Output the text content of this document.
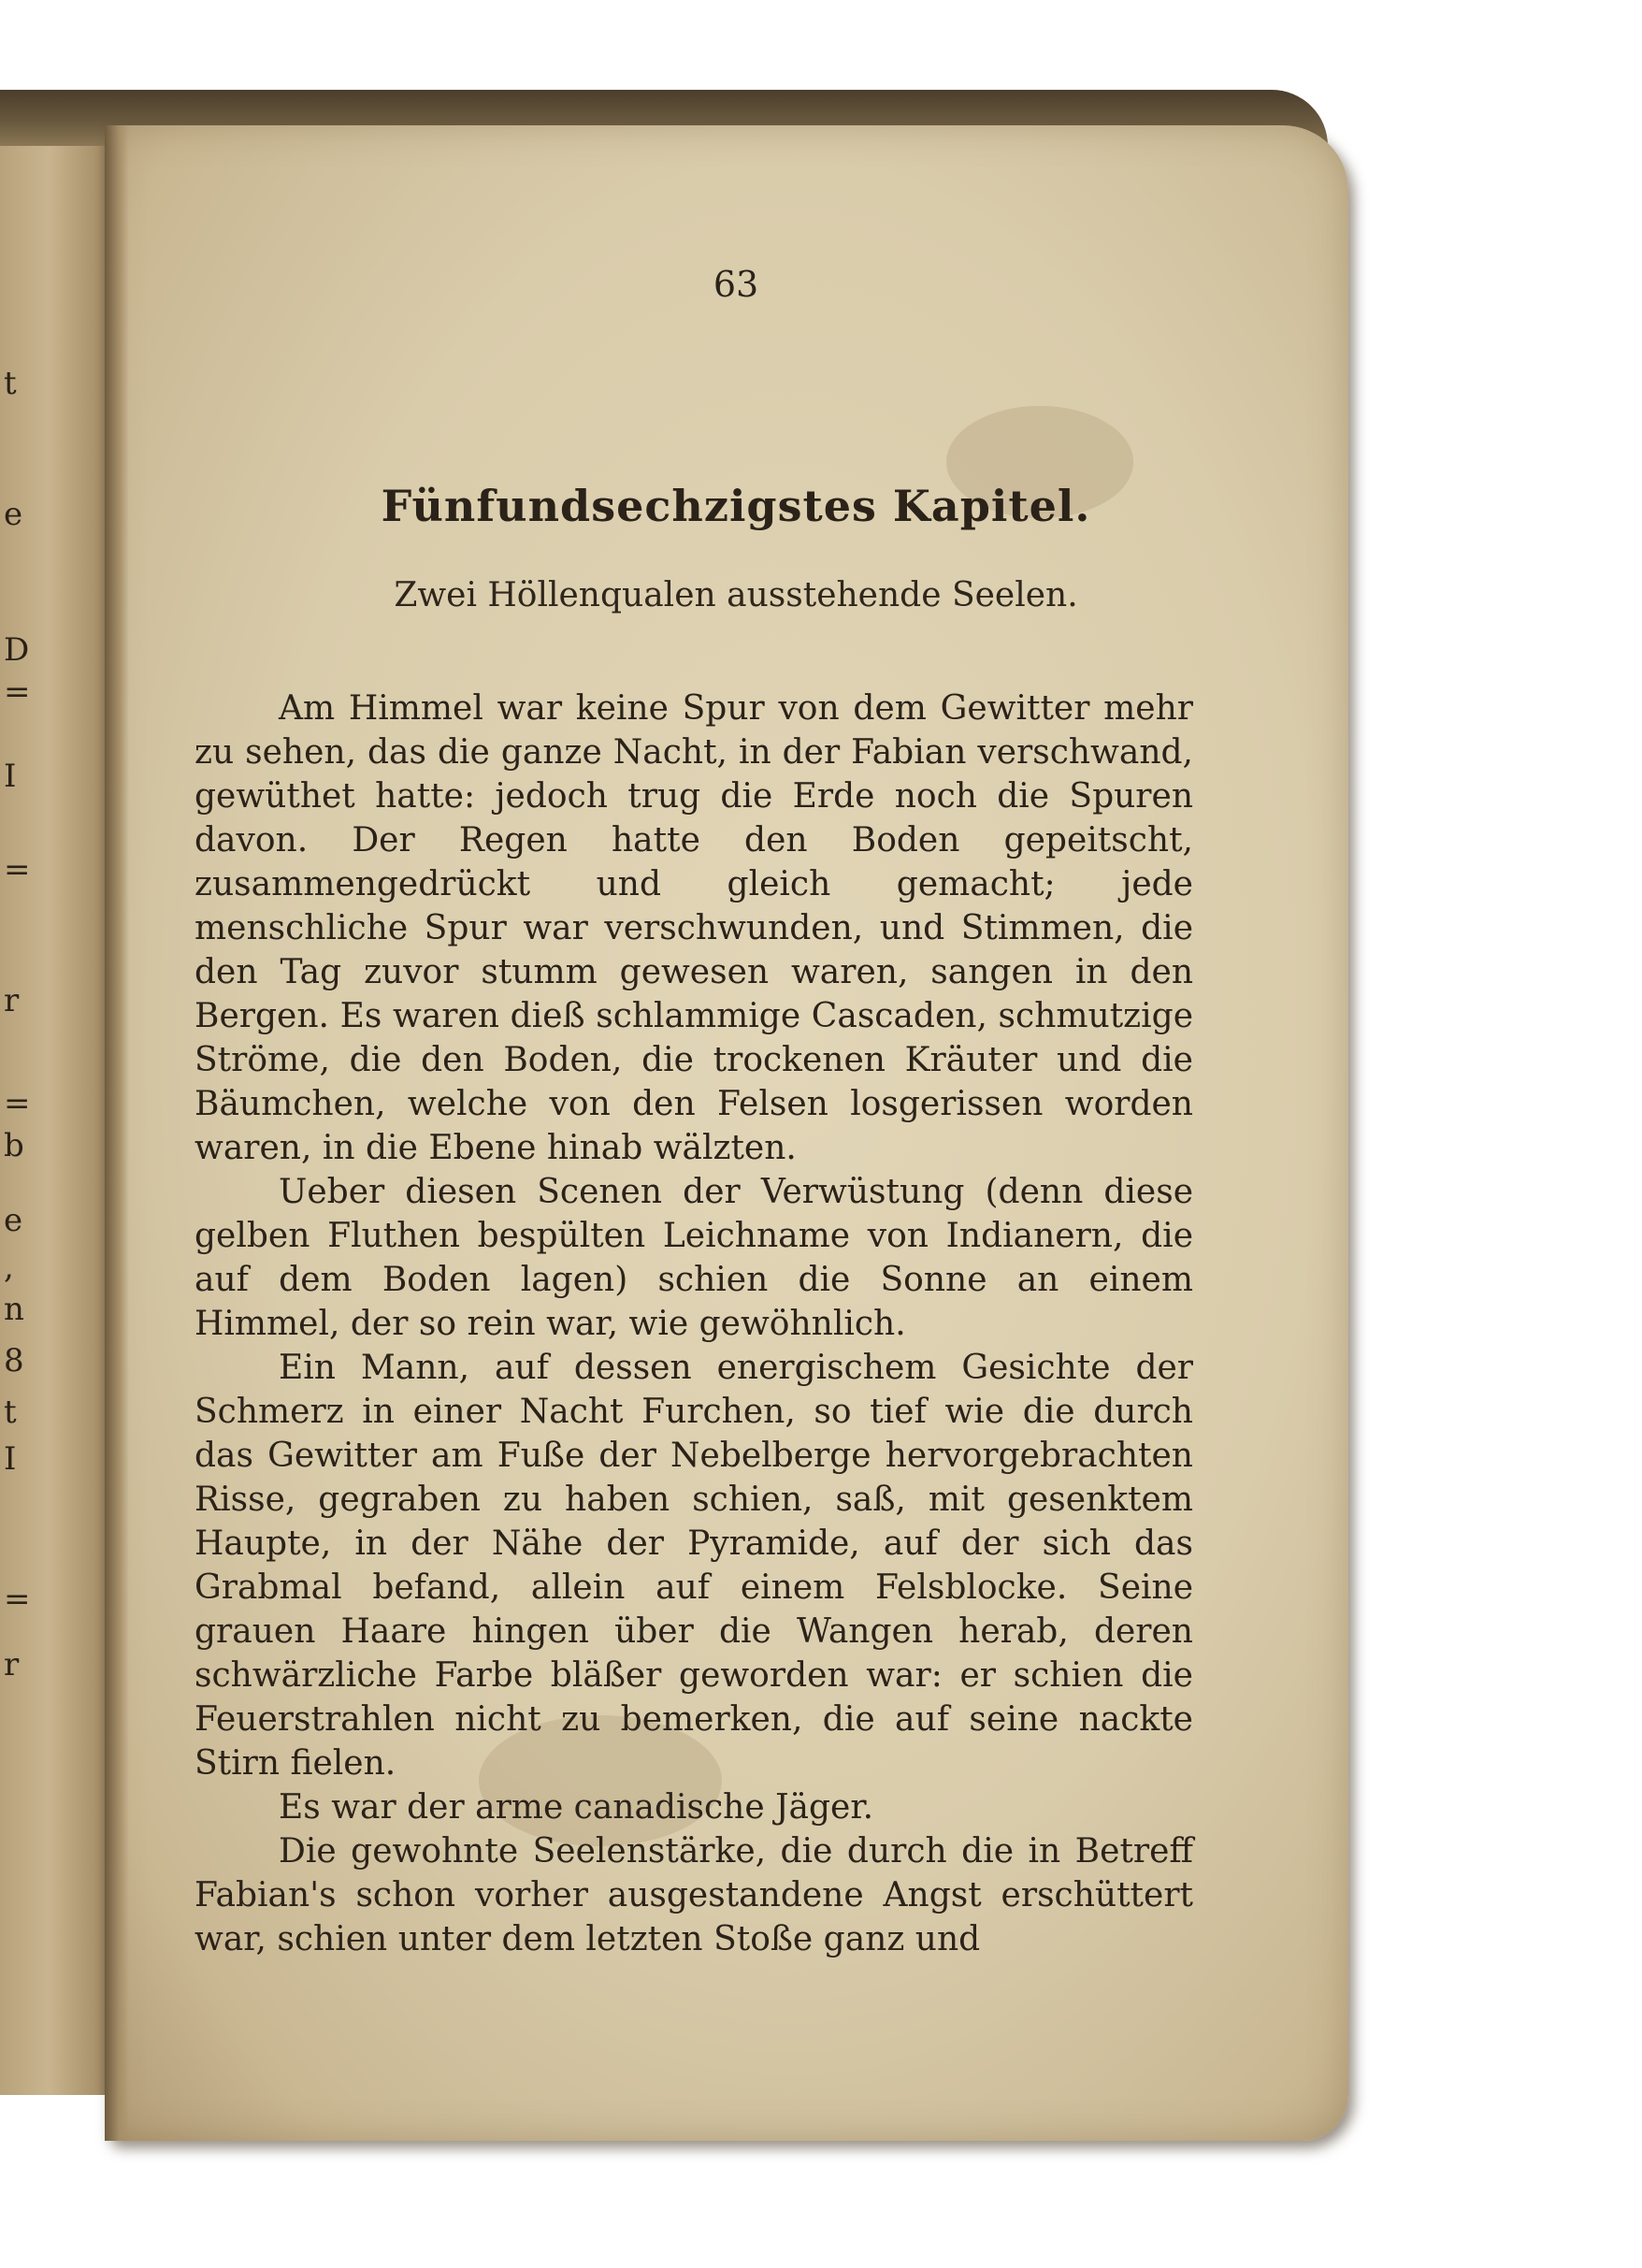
t
e
D
=
I
=
r
=
b
e
,
n
8
t
I
=
r
63
Fünfundsechzigstes Kapitel.
Zwei Höllenqualen ausstehende Seelen.

Am Himmel war keine Spur von dem Gewitter mehr zu sehen, das die ganze Nacht, in der Fabian verschwand, gewüthet hatte: jedoch trug die Erde noch die Spuren davon. Der Regen hatte den Boden gepeitscht, zusammengedrückt und gleich gemacht; jede menschliche Spur war verschwunden, und Stimmen, die den Tag zuvor stumm gewesen waren, sangen in den Bergen. Es waren dieß schlammige Cascaden, schmutzige Ströme, die den Boden, die trockenen Kräuter und die Bäumchen, welche von den Felsen losgerissen worden waren, in die Ebene hinab wälzten.

Ueber diesen Scenen der Verwüstung (denn diese gelben Fluthen bespülten Leichname von Indianern, die auf dem Boden lagen) schien die Sonne an einem Himmel, der so rein war, wie gewöhnlich.

Ein Mann, auf dessen energischem Gesichte der Schmerz in einer Nacht Furchen, so tief wie die durch das Gewitter am Fuße der Nebelberge hervorgebrachten Risse, gegraben zu haben schien, saß, mit gesenktem Haupte, in der Nähe der Pyramide, auf der sich das Grabmal befand, allein auf einem Felsblocke. Seine grauen Haare hingen über die Wangen herab, deren schwärzliche Farbe bläßer geworden war: er schien die Feuerstrahlen nicht zu bemerken, die auf seine nackte Stirn fielen.

Es war der arme canadische Jäger.

Die gewohnte Seelenstärke, die durch die in Betreff Fabian's schon vorher ausgestandene Angst erschüttert war, schien unter dem letzten Stoße ganz und
